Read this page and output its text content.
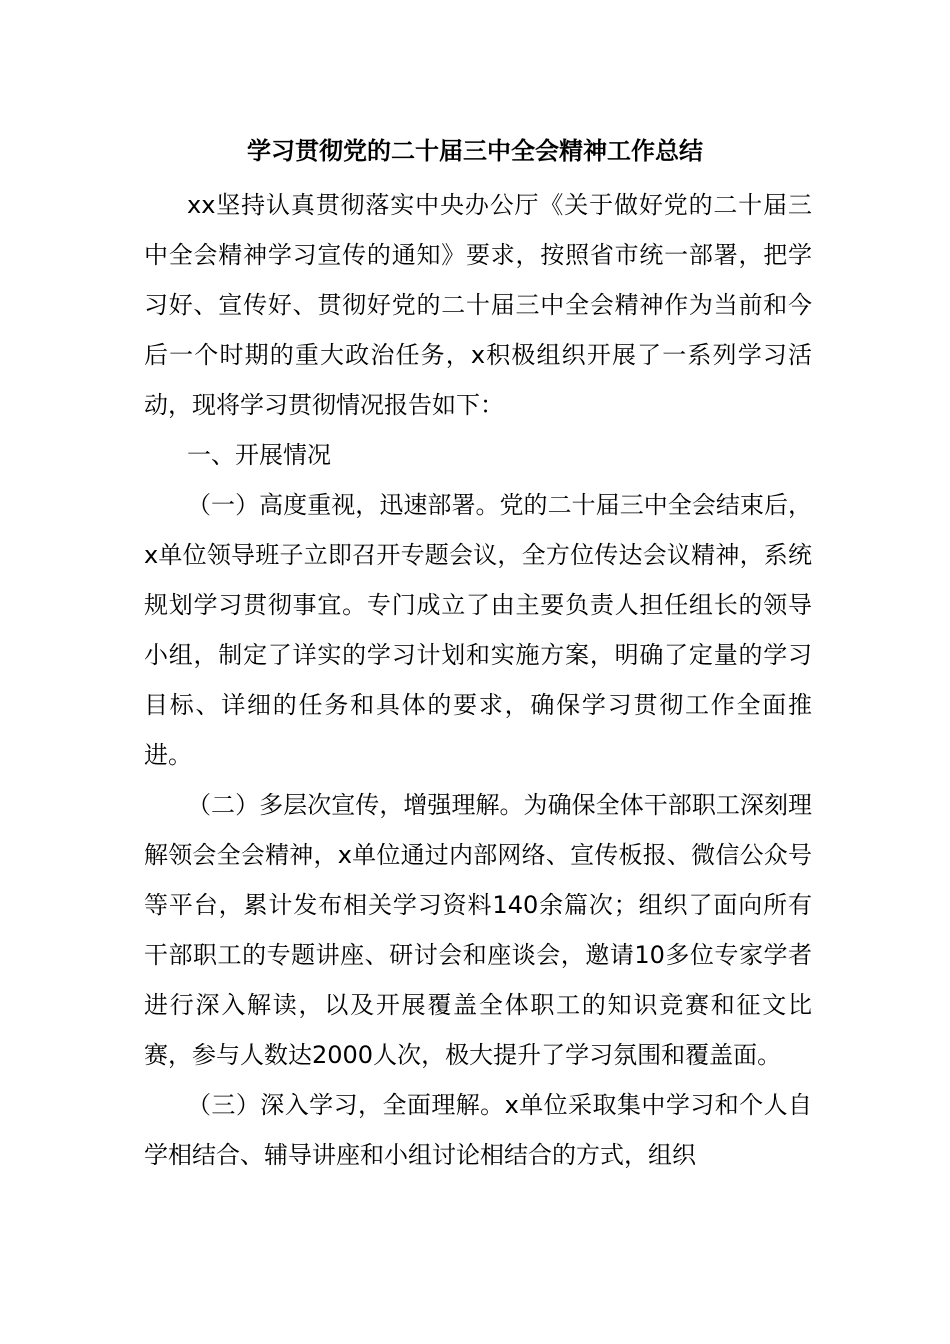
学习贯彻党的二十届三中全会精神工作总结

xx坚持认真贯彻落实中央办公厅《关于做好党的二十届三中全会精神学习宣传的通知》要求，按照省市统一部署，把学习好、宣传好、贯彻好党的二十届三中全会精神作为当前和今后一个时期的重大政治任务，x积极组织开展了一系列学习活动，现将学习贯彻情况报告如下：

一、开展情况

（一）高度重视，迅速部署。党的二十届三中全会结束后，x单位领导班子立即召开专题会议，全方位传达会议精神，系统规划学习贯彻事宜。专门成立了由主要负责人担任组长的领导小组，制定了详实的学习计划和实施方案，明确了定量的学习目标、详细的任务和具体的要求，确保学习贯彻工作全面推进。

（二）多层次宣传，增强理解。为确保全体干部职工深刻理解领会全会精神，x单位通过内部网络、宣传板报、微信公众号等平台，累计发布相关学习资料140余篇次；组织了面向所有干部职工的专题讲座、研讨会和座谈会，邀请10多位专家学者进行深入解读，以及开展覆盖全体职工的知识竞赛和征文比赛，参与人数达2000人次，极大提升了学习氛围和覆盖面。

（三）深入学习，全面理解。x单位采取集中学习和个人自学相结合、辅导讲座和小组讨论相结合的方式，组织
